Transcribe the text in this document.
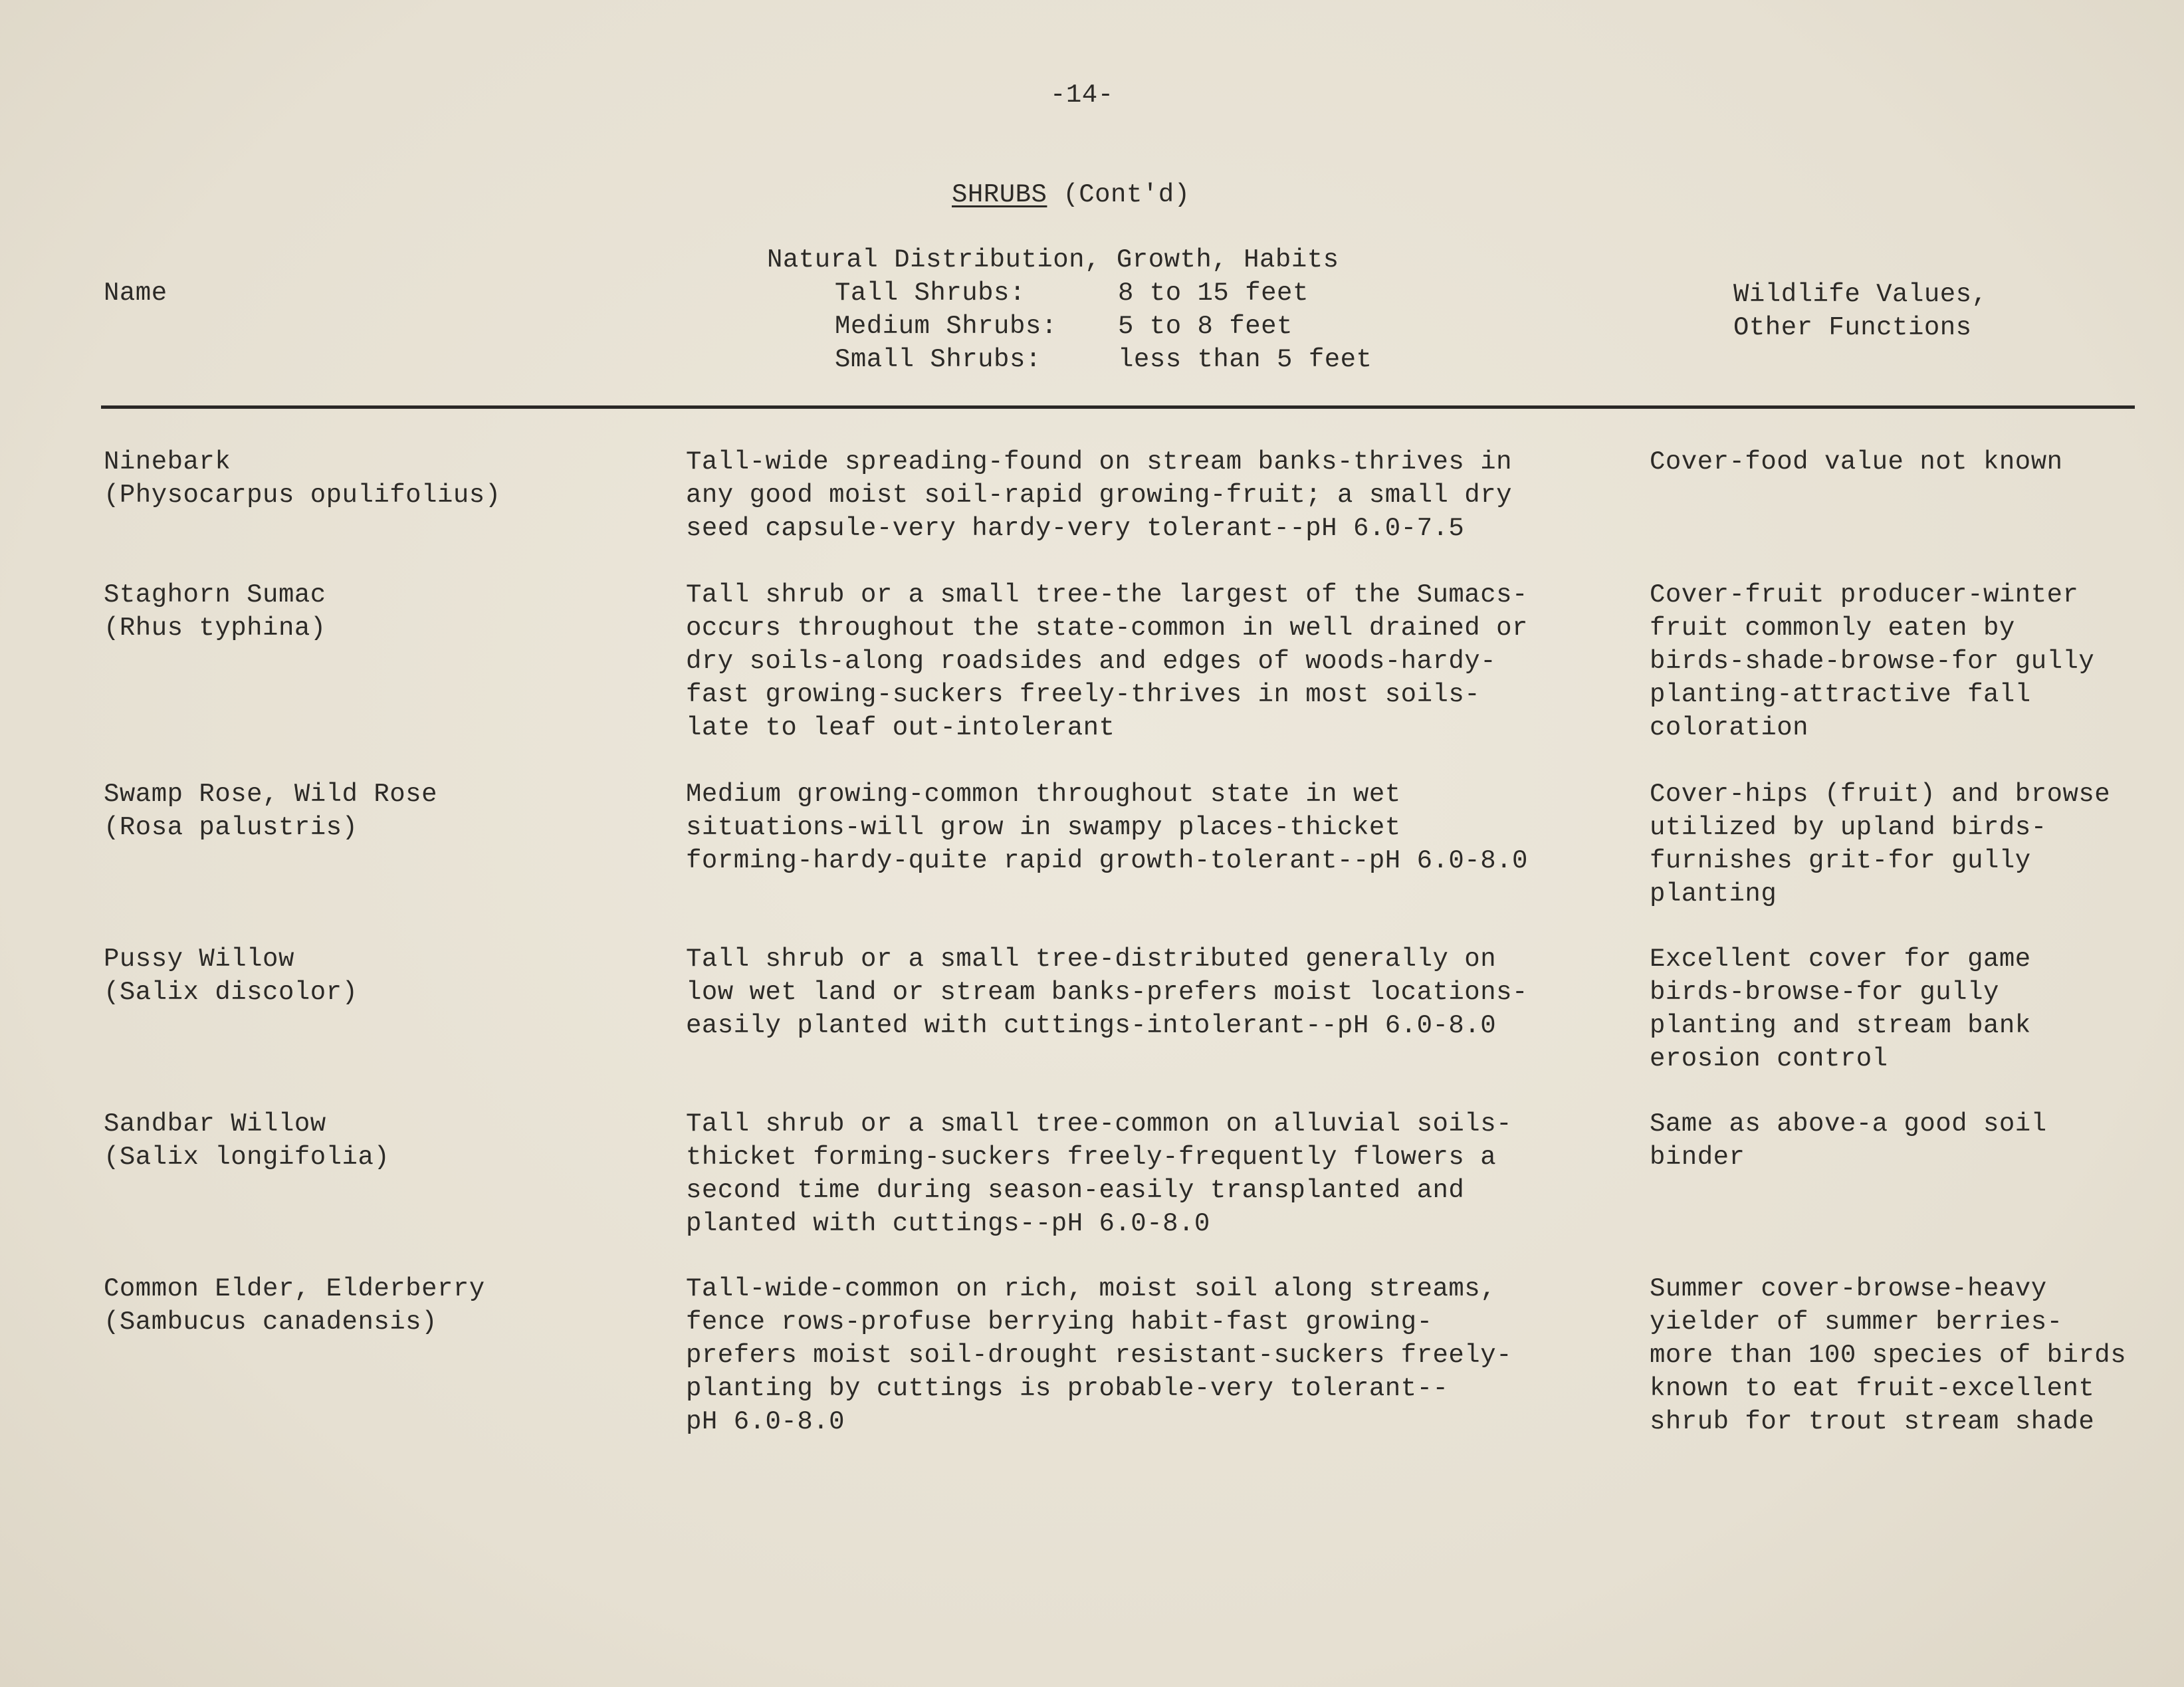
-14-
SHRUBS (Cont'd)
Name
Natural Distribution, Growth, Habits
Tall Shrubs:	8 to 15 feet
Medium Shrubs: 5 to 8 feet
Small Shrubs:	less than 5 feet
Wildlife Values,
Other Functions
Ninebark
(Physocarpus opulifolius)
Tall-wide spreading-found on stream banks-thrives in
any good moist soil-rapid growing-fruit; a small dry
seed capsule-very hardy-very tolerant--pH 6.0-7.5
Cover-food value not known
Staghorn Sumac
(Rhus typhina)
Tall shrub or a small tree-the largest of the Sumacs-
occurs throughout the state-common in well drained or
dry soils-along roadsides and edges of woods-hardy-
fast growing-suckers freely-thrives in most soils-
late to leaf out-intolerant
Cover-fruit producer-winter
fruit commonly eaten by
birds-shade-browse-for gully
planting-attractive fall
coloration
Swamp Rose, Wild Rose
(Rosa palustris)
Medium growing-common throughout state in wet
situations-will grow in swampy places-thicket
forming-hardy-quite rapid growth-tolerant--pH 6.0-8.0
Cover-hips (fruit) and browse
utilized by upland birds-
furnishes grit-for gully
planting
Pussy Willow
(Salix discolor)
Tall shrub or a small tree-distributed generally on
low wet land or stream banks-prefers moist locations-
easily planted with cuttings-intolerant--pH 6.0-8.0
Excellent cover for game
birds-browse-for gully
planting and stream bank
erosion control
Sandbar Willow
(Salix longifolia)
Tall shrub or a small tree-common on alluvial soils-
thicket forming-suckers freely-frequently flowers a
second time during season-easily transplanted and
planted with cuttings--pH 6.0-8.0
Same as above-a good soil
binder
Common Elder, Elderberry
(Sambucus canadensis)
Tall-wide-common on rich, moist soil along streams,
fence rows-profuse berrying habit-fast growing-
prefers moist soil-drought resistant-suckers freely-
planting by cuttings is probable-very tolerant--
pH 6.0-8.0
Summer cover-browse-heavy
yielder of summer berries-
more than 100 species of birds
known to eat fruit-excellent
shrub for trout stream shade
